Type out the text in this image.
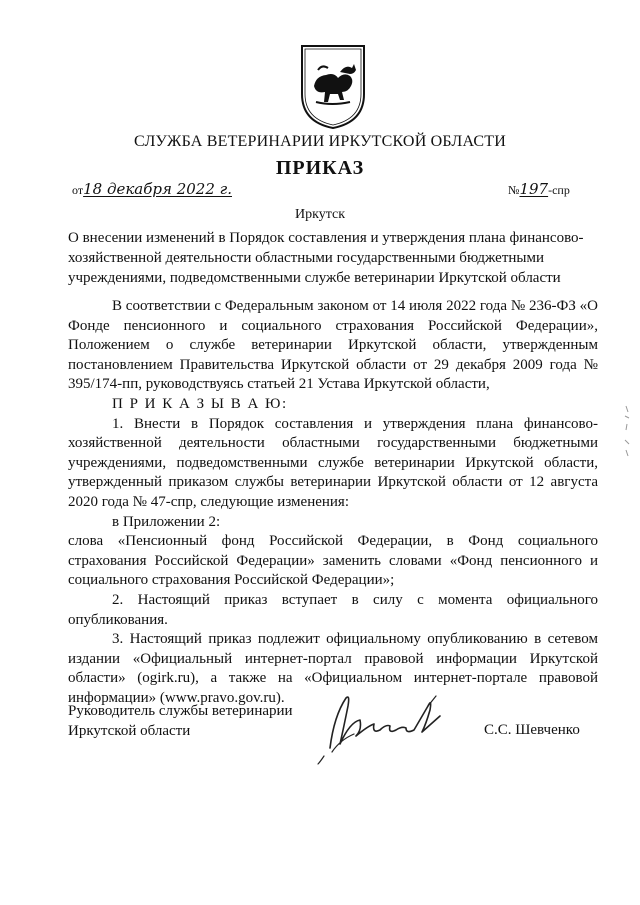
СЛУЖБА ВЕТЕРИНАРИИ ИРКУТСКОЙ ОБЛАСТИ
ПРИКАЗ
от18 декабря 2022 г.	№197-спр
Иркутск
О внесении изменений в Порядок составления и утверждения плана финансово-хозяйственной деятельности областными государственными бюджетными учреждениями, подведомственными службе ветеринарии Иркутской области

В соответствии с Федеральным законом от 14 июля 2022 года № 236-ФЗ «О Фонде пенсионного и социального страхования Российской Федерации», Положением о службе ветеринарии Иркутской области, утвержденным постановлением Правительства Иркутской области от 29 декабря 2009 года № 395/174-пп, руководствуясь статьей 21 Устава Иркутской области,

П Р И К А З Ы В А Ю:

1. Внести в Порядок составления и утверждения плана финансово-хозяйственной деятельности областными государственными бюджетными учреждениями, подведомственными службе ветеринарии Иркутской области, утвержденный приказом службы ветеринарии Иркутской области от 12 августа 2020 года № 47-спр, следующие изменения:

в Приложении 2:

слова «Пенсионный фонд Российской Федерации, в Фонд социального страхования Российской Федерации» заменить словами «Фонд пенсионного и социального страхования Российской Федерации»;

2. Настоящий приказ вступает в силу с момента официального опубликования.

3. Настоящий приказ подлежит официальному опубликованию в сетевом издании «Официальный интернет-портал правовой информации Иркутской области» (ogirk.ru), а также на «Официальном интернет-портале правовой информации» (www.pravo.gov.ru).

Руководитель службы ветеринарии
Иркутской области	С.С. Шевченко
